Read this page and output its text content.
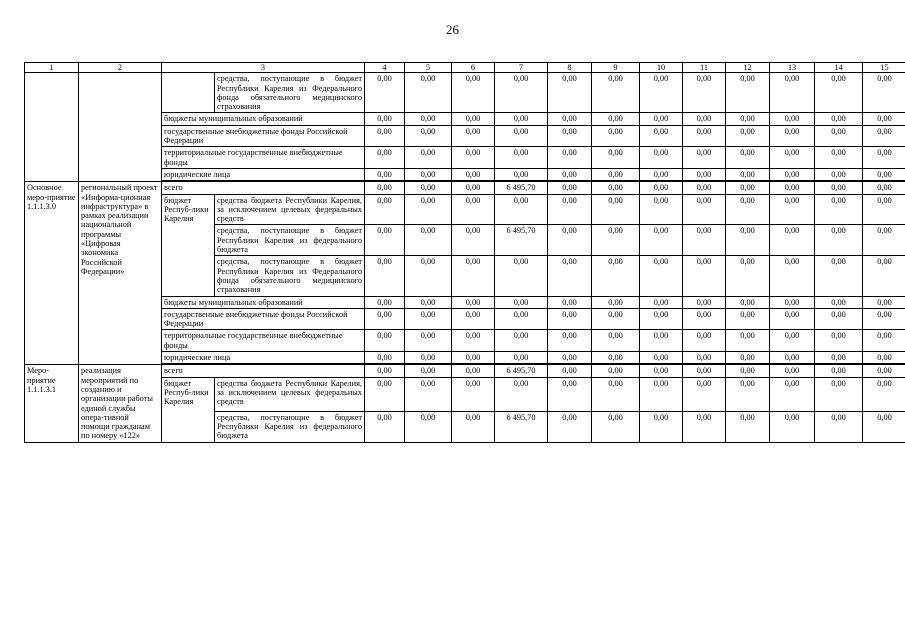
26
1	2	3		4	5	6	7	8	9	10	11	12	13	14	15
			средства, поступающие в бюджет Республики Карелия из Федерального фонда обязательного медицинского страхования	0,00	0,00	0,00	0,00	0,00	0,00	0,00	0,00	0,00	0,00	0,00	0,00
		бюджеты муниципальных образований		0,00	0,00	0,00	0,00	0,00	0,00	0,00	0,00	0,00	0,00	0,00	0,00
		государственные внебюджетные фонды Российской Федерации		0,00	0,00	0,00	0,00	0,00	0,00	0,00	0,00	0,00	0,00	0,00	0,00
		территориальные государственные внебюджетные фонды		0,00	0,00	0,00	0,00	0,00	0,00	0,00	0,00	0,00	0,00	0,00	0,00
		юридические лица		0,00	0,00	0,00	0,00	0,00	0,00	0,00	0,00	0,00	0,00	0,00	0,00

Основное меро-приятие 1.1.1.3.0	региональный проект «Информа-ционная инфраструктура» в рамках реализации национальной программы «Цифровая экономика Российской Федерации»	всего		0,00	0,00	0,00	6 495,70	0,00	0,00	0,00	0,00	0,00	0,00	0,00	0,00
		бюджет Респуб-лики Карелия	средства бюджета Республики Карелия, за исключением целевых федеральных средств	0,00	0,00	0,00	0,00	0,00	0,00	0,00	0,00	0,00	0,00	0,00	0,00
			средства, поступающие в бюджет Республики Карелия из федерального бюджета	0,00	0,00	0,00	6 495,70	0,00	0,00	0,00	0,00	0,00	0,00	0,00	0,00
			средства, поступающие в бюджет Республики Карелия из Федерального фонда обязательного медицинского страхования	0,00	0,00	0,00	0,00	0,00	0,00	0,00	0,00	0,00	0,00	0,00	0,00
		бюджеты муниципальных образований		0,00	0,00	0,00	0,00	0,00	0,00	0,00	0,00	0,00	0,00	0,00	0,00
		государственные внебюджетные фонды Российской Федерации		0,00	0,00	0,00	0,00	0,00	0,00	0,00	0,00	0,00	0,00	0,00	0,00
		территориальные государственные внебюджетные фонды		0,00	0,00	0,00	0,00	0,00	0,00	0,00	0,00	0,00	0,00	0,00	0,00
		юридические лица		0,00	0,00	0,00	0,00	0,00	0,00	0,00	0,00	0,00	0,00	0,00	0,00

Меро-приятие 1.1.1.3.1	реализация мероприятий по созданию и организации работы единой службы опера-тивной помощи гражданам по номеру «122»	всего		0,00	0,00	0,00	6 495,70	0,00	0,00	0,00	0,00	0,00	0,00	0,00	0,00
		бюджет Респуб-лики Карелия	средства бюджета Республики Карелия, за исключением целевых федеральных средств	0,00	0,00	0,00	0,00	0,00	0,00	0,00	0,00	0,00	0,00	0,00	0,00
			средства, поступающие в бюджет Республики Карелия из федерального бюджета	0,00	0,00	0,00	6 495,70	0,00	0,00	0,00	0,00	0,00	0,00	0,00	0,00
